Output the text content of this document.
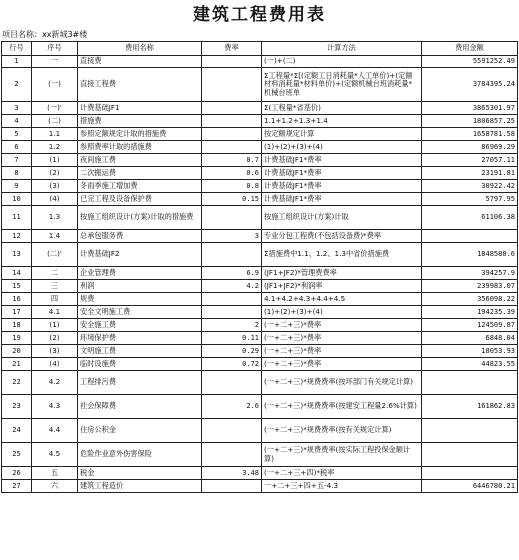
建筑工程费用表
项目名称：xx新城3#楼
行号	序号	费用名称	费率	计算方法	费用金额
1	一	直接费		(一)+(二)	5591252.49
2	(一)	直接工程费		Σ工程量*Σ[(定额工日消耗量*人工单价)+(定额材料消耗量*材料单价)+(定额机械台班消耗量*机械台班单	3784395.24
3	(一)'	计费基础JF1		Σ(工程量*省基价)	3865301.97
4	(二)	措施费		1.1+1.2+1.3+1.4	1806857.25
5	1.1	参照定额规定计取的措施费		按定额规定计算	1658781.58
6	1.2	参照费率计取的措施费		(1)+(2)+(3)+(4)	86969.29
7	(1)	夜间施工费	0.7	计费基础JF1*费率	27057.11
8	(2)	二次搬运费	0.6	计费基础JF1*费率	23191.81
9	(3)	冬雨季施工增加费	0.8	计费基础JF1*费率	30922.42
10	(4)	已完工程及设备保护费	0.15	计费基础JF1*费率	5797.95
11	1.3	按施工组织设计(方案)计取的措施费		按施工组织设计(方案)计取	61106.38
12	1.4	总承包服务费	3	专业分包工程费(不包括设备费)*费率	
13	(二)'	计费基础JF2		Σ措施费中1.1、1.2、1.3中省价措施费	1848580.6
14	二	企业管理费	6.9	(JF1+JF2)*管理费费率	394257.9
15	三	利润	4.2	(JF1+JF2)*利润率	239983.07
16	四	规费		4.1+4.2+4.3+4.4+4.5	356098.22
17	4.1	安全文明施工费		(1)+(2)+(3)+(4)	194235.39
18	(1)	安全施工费	2	(一+二+三)*费率	124509.87
19	(2)	环境保护费	0.11	(一+二+三)*费率	6848.04
20	(3)	文明施工费	0.29	(一+二+三)*费率	18053.93
21	(4)	临时设施费	0.72	(一+二+三)*费率	44823.55
22	4.2	工程排污费		(一+二+三)*规费费率(按环部门有关规定计算)	
23	4.3	社会保障费	2.6	(一+二+三)*规费费率(按建安工程量2.6%计算)	161862.83
24	4.4	住房公积金		(一+二+三)*规费费率(按有关规定计算)	
25	4.5	危险作业意外伤害保险		(一+二+三)*规费费率(按实际工程投保金额计算)	
26	五	税金	3.48	(一+二+三+四)*税率	
27	六	建筑工程造价		一+二+三+四+五-4.3	6446780.21
